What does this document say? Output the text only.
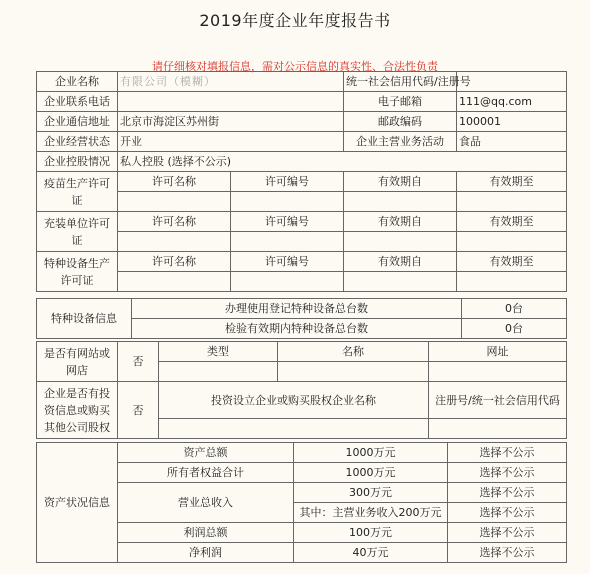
2019年度企业年度报告书
请仔细核对填报信息，需对公示信息的真实性、合法性负责
企业名称	有限公司（模糊）		统一社会信用代码/注册号	
企业联系电话			电子邮箱	111@qq.com
企业通信地址	北京市海淀区苏州街		邮政编码	100001
企业经营状态	开业		企业主营业务活动	食品
企业控股情况	私人控股 (选择不公示)			
疫苗生产许可证	许可名称	许可编号	有效期自	有效期至

充装单位许可证	许可名称	许可编号	有效期自	有效期至

特种设备生产许可证	许可名称	许可编号	有效期自	有效期至

特种设备信息	办理使用登记特种设备总台数	0台
	检验有效期内特种设备总台数	0台
是否有网站或网店	否	类型	名称	网址

企业是否有投资信息或购买其他公司股权	否	投资设立企业或购买股权企业名称		注册号/统一社会信用代码

资产状况信息	资产总额	1000万元	选择不公示
	所有者权益合计	1000万元	选择不公示
	营业总收入	300万元	选择不公示
		其中：主营业务收入200万元	选择不公示
	利润总额	100万元	选择不公示
	净利润	40万元	选择不公示
